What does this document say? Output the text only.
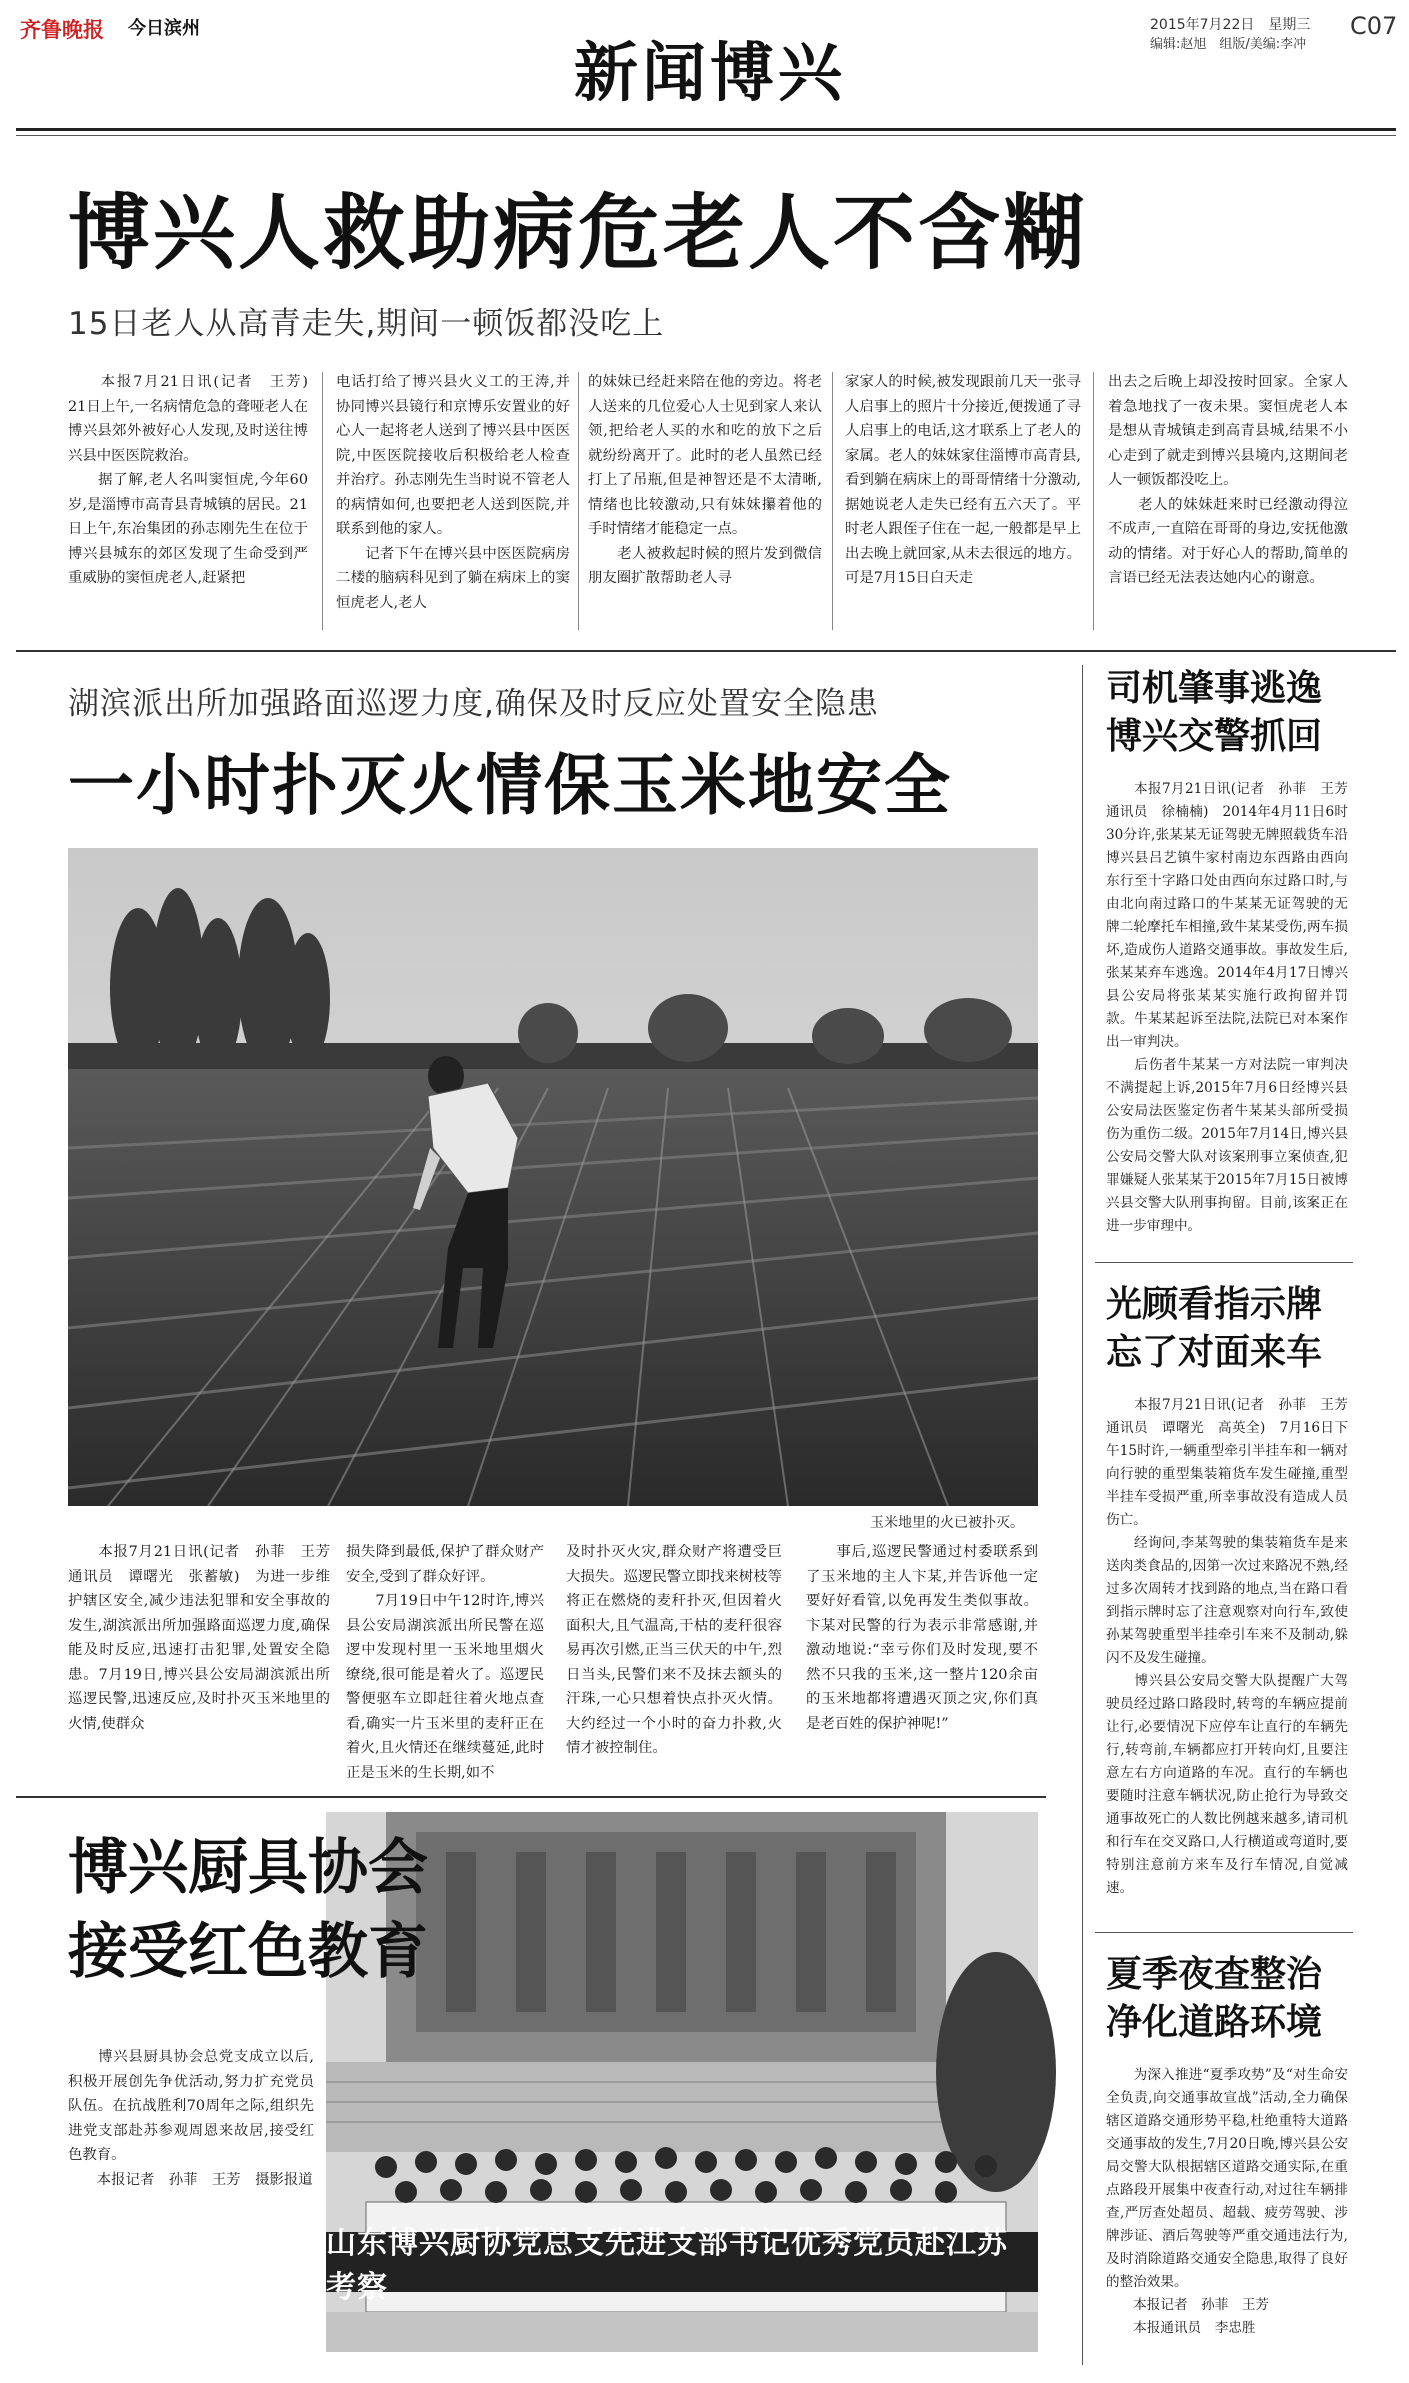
齐鲁晚报 今日滨州
新闻博兴
2015年7月22日　星期三
编辑:赵旭　组版/美编:李冲
C07
博兴人救助病危老人不含糊
15日老人从高青走失,期间一顿饭都没吃上
　　本报7月21日讯(记者　王芳)　21日上午,一名病情危急的聋哑老人在博兴县郊外被好心人发现,及时送往博兴县中医医院救治。
　　据了解,老人名叫窦恒虎,今年60岁,是淄博市高青县青城镇的居民。21日上午,东冶集团的孙志刚先生在位于博兴县城东的郊区发现了生命受到严重威胁的窦恒虎老人,赶紧把
电话打给了博兴县火义工的王涛,并协同博兴县镜行和京博乐安置业的好心人一起将老人送到了博兴县中医医院,中医医院接收后积极给老人检查并治疗。孙志刚先生当时说不管老人的病情如何,也要把老人送到医院,并联系到他的家人。
　　记者下午在博兴县中医医院病房二楼的脑病科见到了躺在病床上的窦恒虎老人,老人
的妹妹已经赶来陪在他的旁边。将老人送来的几位爱心人士见到家人来认领,把给老人买的水和吃的放下之后就纷纷离开了。此时的老人虽然已经打上了吊瓶,但是神智还是不太清晰,情绪也比较激动,只有妹妹攥着他的手时情绪才能稳定一点。
　　老人被救起时候的照片发到微信朋友圈扩散帮助老人寻
家家人的时候,被发现跟前几天一张寻人启事上的照片十分接近,便拨通了寻人启事上的电话,这才联系上了老人的家属。老人的妹妹家住淄博市高青县,看到躺在病床上的哥哥情绪十分激动,据她说老人走失已经有五六天了。平时老人跟侄子住在一起,一般都是早上出去晚上就回家,从未去很远的地方。可是7月15日白天走
出去之后晚上却没按时回家。全家人着急地找了一夜未果。窦恒虎老人本是想从青城镇走到高青县城,结果不小心走到了就走到博兴县境内,这期间老人一顿饭都没吃上。
　　老人的妹妹赶来时已经激动得泣不成声,一直陪在哥哥的身边,安抚他激动的情绪。对于好心人的帮助,简单的言语已经无法表达她内心的谢意。
湖滨派出所加强路面巡逻力度,确保及时反应处置安全隐患
一小时扑灭火情保玉米地安全
玉米地里的火已被扑灭。
　　本报7月21日讯(记者　孙菲　王芳　通讯员　谭曙光　张蓄敏)　为进一步维护辖区安全,减少违法犯罪和安全事故的发生,湖滨派出所加强路面巡逻力度,确保能及时反应,迅速打击犯罪,处置安全隐患。7月19日,博兴县公安局湖滨派出所巡逻民警,迅速反应,及时扑灭玉米地里的火情,使群众
损失降到最低,保护了群众财产安全,受到了群众好评。
　　7月19日中午12时许,博兴县公安局湖滨派出所民警在巡逻中发现村里一玉米地里烟火缭绕,很可能是着火了。巡逻民警便驱车立即赶往着火地点查看,确实一片玉米里的麦秆正在着火,且火情还在继续蔓延,此时正是玉米的生长期,如不
及时扑灭火灾,群众财产将遭受巨大损失。巡逻民警立即找来树枝等将正在燃烧的麦秆扑灭,但因着火面积大,且气温高,干枯的麦秆很容易再次引燃,正当三伏天的中午,烈日当头,民警们来不及抹去额头的汗珠,一心只想着快点扑灭火情。大约经过一个小时的奋力扑救,火情才被控制住。
　　事后,巡逻民警通过村委联系到了玉米地的主人卞某,并告诉他一定要好好看管,以免再发生类似事故。卞某对民警的行为表示非常感谢,并激动地说:“幸亏你们及时发现,要不然不只我的玉米,这一整片120余亩的玉米地都将遭遇灭顶之灾,你们真是老百姓的保护神呢!”
山东博兴厨协党总支先进支部书记优秀党员赴江苏考察
博兴厨具协会
接受红色教育
　　博兴县厨具协会总党支成立以后,积极开展创先争优活动,努力扩充党员队伍。在抗战胜利70周年之际,组织先进党支部赴苏参观周恩来故居,接受红色教育。
　　本报记者　孙菲　王芳　摄影报道
司机肇事逃逸
博兴交警抓回
　　本报7月21日讯(记者　孙菲　王芳　通讯员　徐楠楠)　2014年4月11日6时30分许,张某某无证驾驶无牌照载货车沿博兴县吕艺镇牛家村南边东西路由西向东行至十字路口处由西向东过路口时,与由北向南过路口的牛某某无证驾驶的无牌二轮摩托车相撞,致牛某某受伤,两车损坏,造成伤人道路交通事故。事故发生后,张某某弃车逃逸。2014年4月17日博兴县公安局将张某某实施行政拘留并罚款。牛某某起诉至法院,法院已对本案作出一审判决。
　　后伤者牛某某一方对法院一审判决不满提起上诉,2015年7月6日经博兴县公安局法医鉴定伤者牛某某头部所受损伤为重伤二级。2015年7月14日,博兴县公安局交警大队对该案刑事立案侦查,犯罪嫌疑人张某某于2015年7月15日被博兴县交警大队刑事拘留。目前,该案正在进一步审理中。
光顾看指示牌
忘了对面来车
　　本报7月21日讯(记者　孙菲　王芳　通讯员　谭曙光　高英全)　7月16日下午15时许,一辆重型牵引半挂车和一辆对向行驶的重型集装箱货车发生碰撞,重型半挂车受损严重,所幸事故没有造成人员伤亡。
　　经询问,李某驾驶的集装箱货车是来送肉类食品的,因第一次过来路况不熟,经过多次周转才找到路的地点,当在路口看到指示牌时忘了注意观察对向行车,致使孙某驾驶重型半挂牵引车来不及制动,躲闪不及发生碰撞。
　　博兴县公安局交警大队提醒广大驾驶员经过路口路段时,转弯的车辆应提前让行,必要情况下应停车让直行的车辆先行,转弯前,车辆都应打开转向灯,且要注意左右方向道路的车况。直行的车辆也要随时注意车辆状况,防止抢行为导致交通事故死亡的人数比例越来越多,请司机和行车在交叉路口,人行横道或弯道时,要特别注意前方来车及行车情况,自觉减速。
夏季夜查整治
净化道路环境
　　为深入推进“夏季攻势”及“对生命安全负责,向交通事故宣战”活动,全力确保辖区道路交通形势平稳,杜绝重特大道路交通事故的发生,7月20日晚,博兴县公安局交警大队根据辖区道路交通实际,在重点路段开展集中夜查行动,对过往车辆排查,严厉查处超员、超载、疲劳驾驶、涉牌涉证、酒后驾驶等严重交通违法行为,及时消除道路交通安全隐患,取得了良好的整治效果。
　　本报记者　孙菲　王芳
　　本报通讯员　李忠胜
